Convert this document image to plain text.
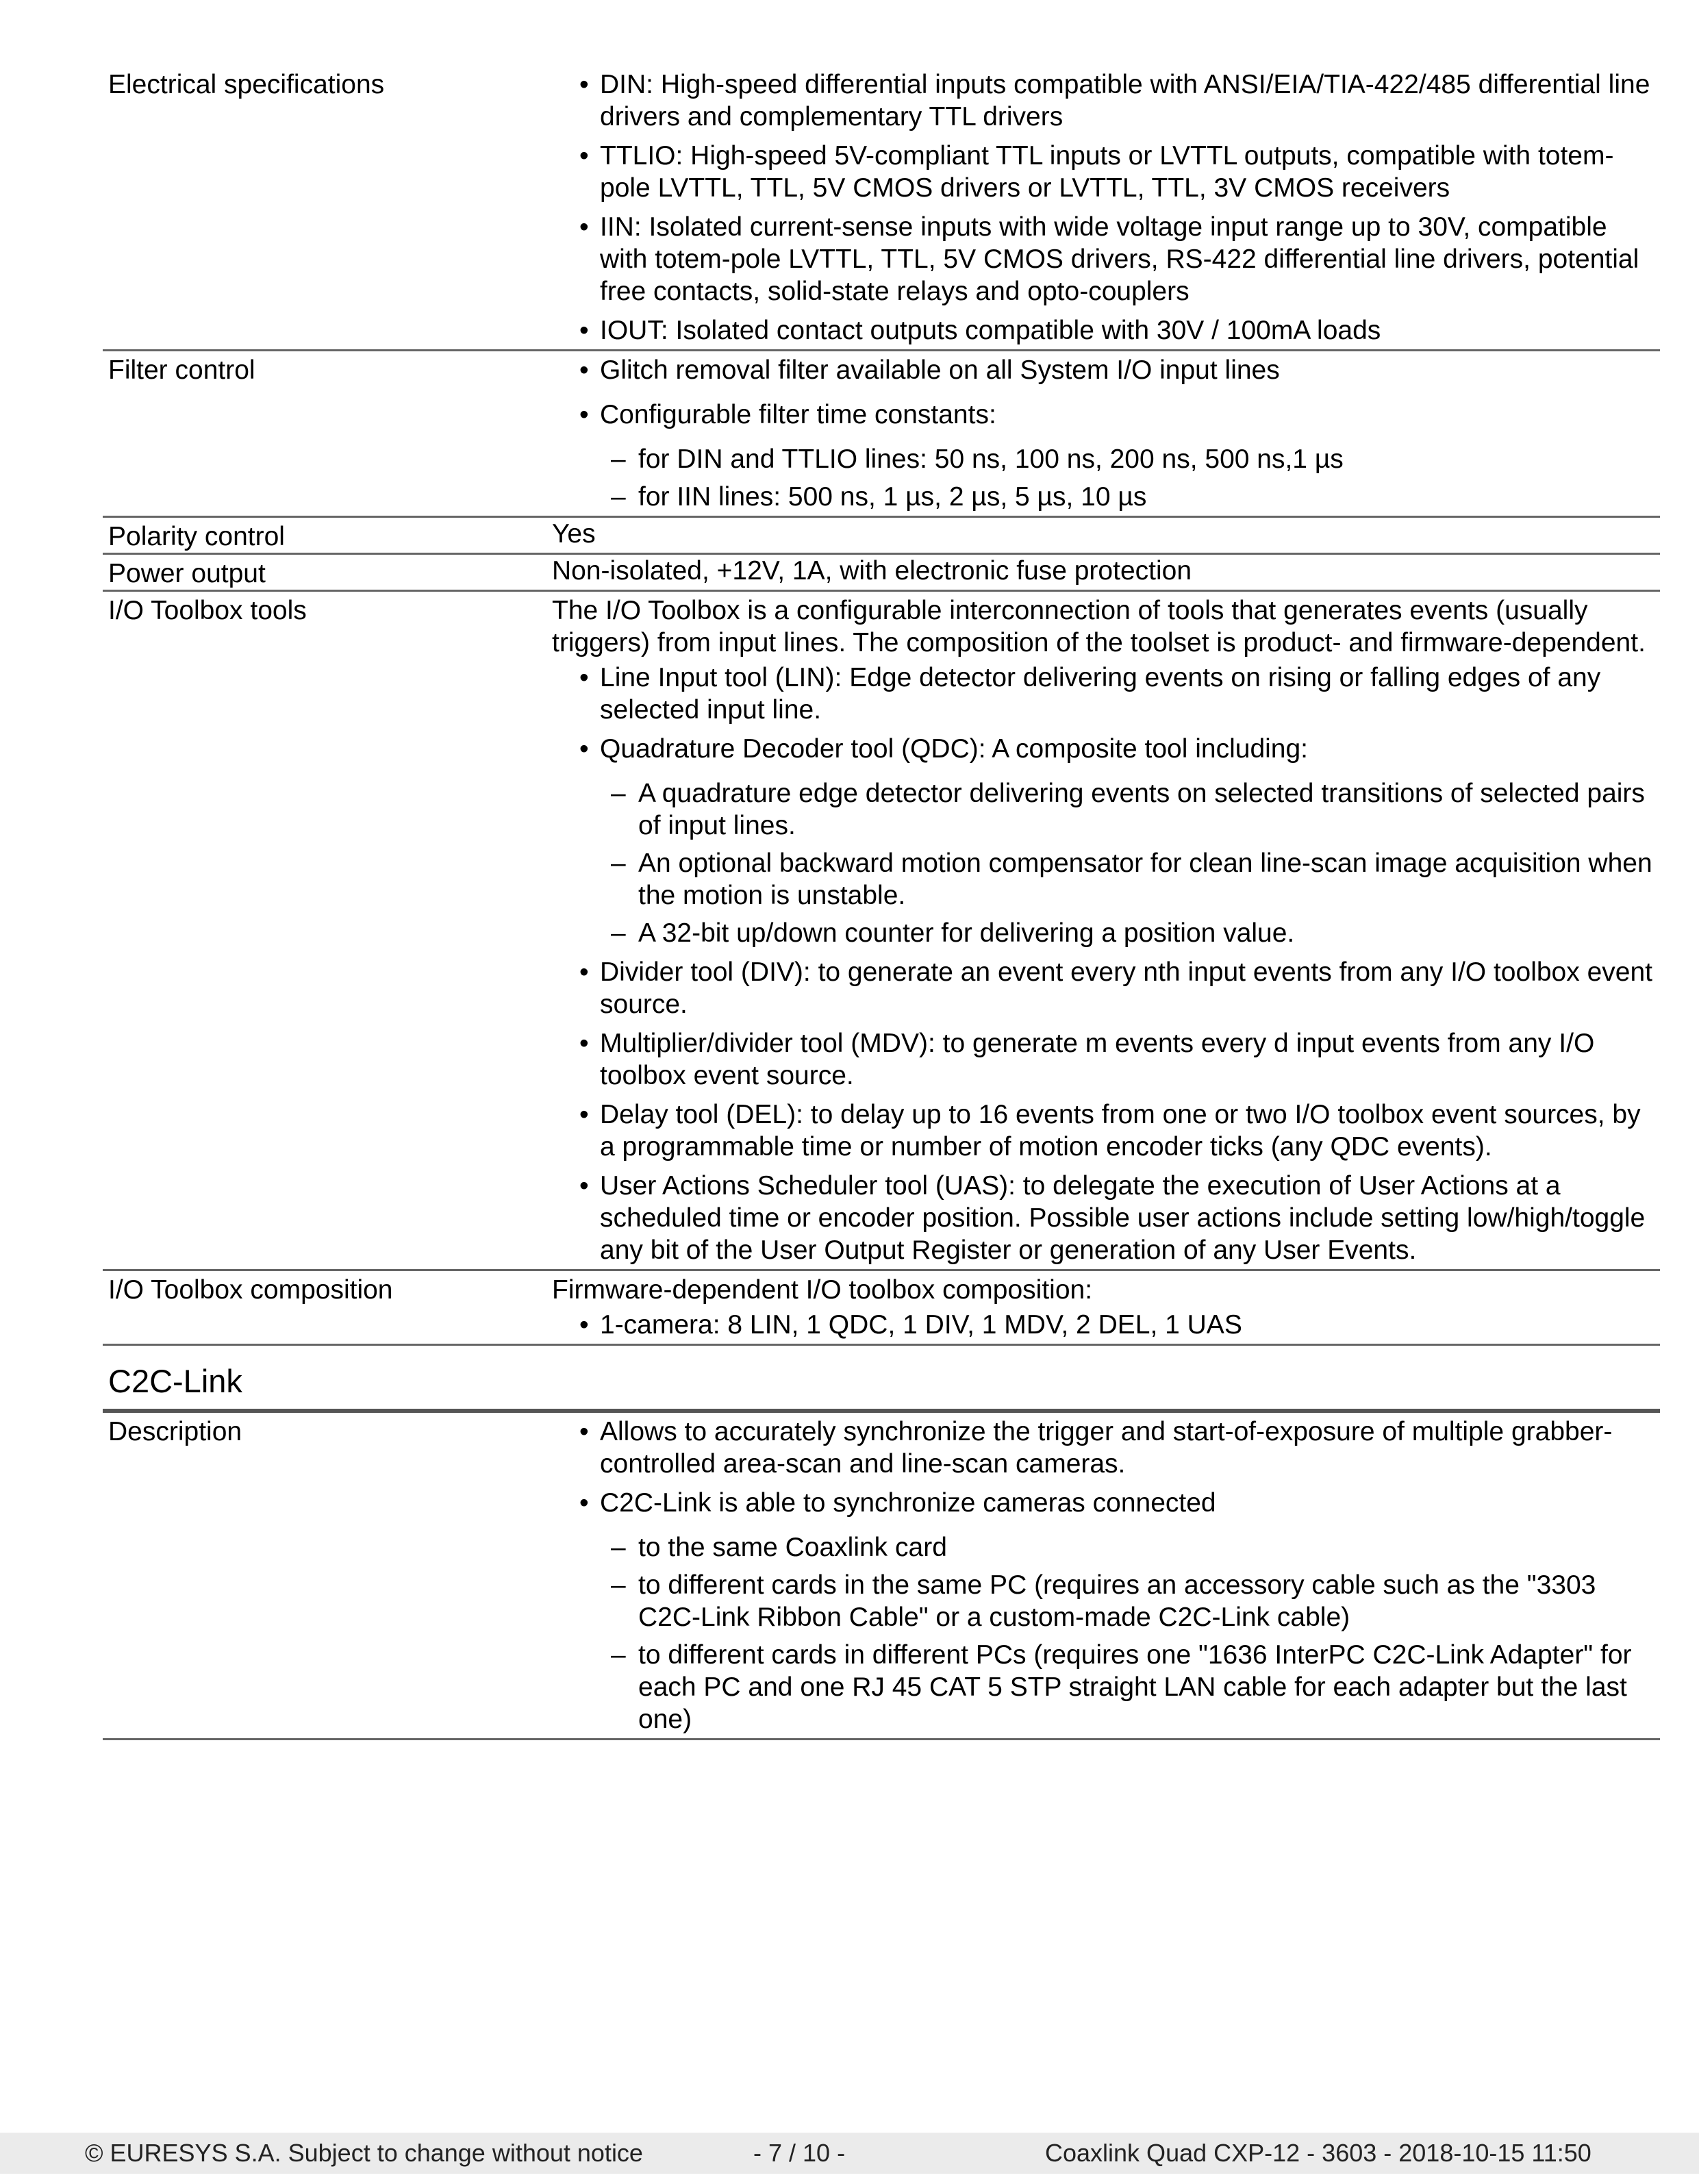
Electrical specifications	• DIN: High-speed differential inputs compatible with ANSI/EIA/TIA-422/485 differential line drivers and complementary TTL drivers
• TTLIO: High-speed 5V-compliant TTL inputs or LVTTL outputs, compatible with totem-pole LVTTL, TTL, 5V CMOS drivers or LVTTL, TTL, 3V CMOS receivers
• IIN: Isolated current-sense inputs with wide voltage input range up to 30V, compatible with totem-pole LVTTL, TTL, 5V CMOS drivers, RS-422 differential line drivers, potential free contacts, solid-state relays and opto-couplers
• IOUT: Isolated contact outputs compatible with 30V / 100mA loads
Filter control	• Glitch removal filter available on all System I/O input lines
• Configurable filter time constants:
– for DIN and TTLIO lines: 50 ns, 100 ns, 200 ns, 500 ns,1 µs
– for IIN lines: 500 ns, 1 µs, 2 µs, 5 µs, 10 µs
Polarity control	Yes
Power output	Non-isolated, +12V, 1A, with electronic fuse protection
I/O Toolbox tools	The I/O Toolbox is a configurable interconnection of tools that generates events (usually triggers) from input lines. The composition of the toolset is product- and firmware-dependent.

• Line Input tool (LIN): Edge detector delivering events on rising or falling edges of any selected input line.
• Quadrature Decoder tool (QDC): A composite tool including:
– A quadrature edge detector delivering events on selected transitions of selected pairs of input lines.
– An optional backward motion compensator for clean line-scan image acquisition when the motion is unstable.
– A 32-bit up/down counter for delivering a position value.
• Divider tool (DIV): to generate an event every nth input events from any I/O toolbox event source.
• Multiplier/divider tool (MDV): to generate m events every d input events from any I/O toolbox event source.
• Delay tool (DEL): to delay up to 16 events from one or two I/O toolbox event sources, by a programmable time or number of motion encoder ticks (any QDC events).
• User Actions Scheduler tool (UAS): to delegate the execution of User Actions at a scheduled time or encoder position. Possible user actions include setting low/high/toggle any bit of the User Output Register or generation of any User Events.
I/O Toolbox composition	Firmware-dependent I/O toolbox composition:

• 1-camera: 8 LIN, 1 QDC, 1 DIV, 1 MDV, 2 DEL, 1 UAS
C2C-Link
Description	• Allows to accurately synchronize the trigger and start-of-exposure of multiple grabber-controlled area-scan and line-scan cameras.
• C2C-Link is able to synchronize cameras connected
– to the same Coaxlink card
– to different cards in the same PC (requires an accessory cable such as the "3303 C2C-Link Ribbon Cable" or a custom-made C2C-Link cable)
– to different cards in different PCs (requires one "1636 InterPC C2C-Link Adapter" for each PC and one RJ 45 CAT 5 STP straight LAN cable for each adapter but the last one)
© EURESYS S.A. Subject to change without notice	- 7 / 10 -	Coaxlink Quad CXP-12 - 3603 - 2018-10-15 11:50
